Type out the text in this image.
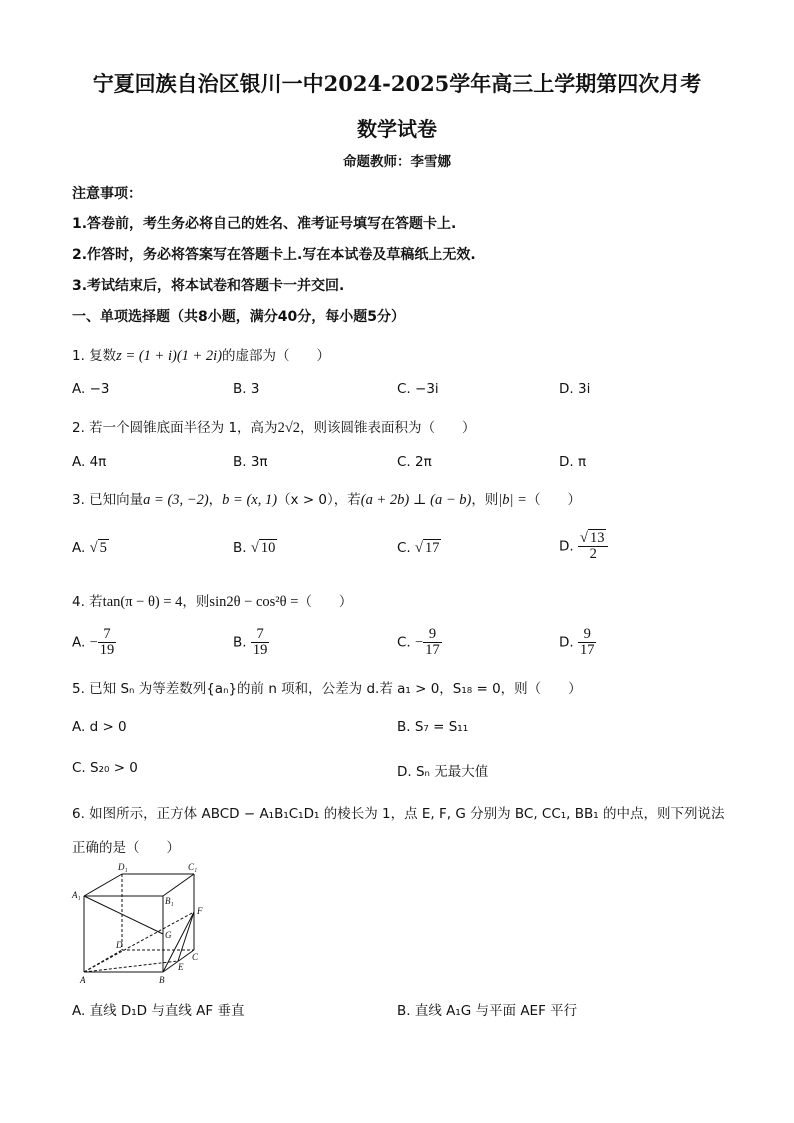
宁夏回族自治区银川一中2024-2025学年高三上学期第四次月考
数学试卷
命题教师：李雪娜
注意事项：
1.答卷前，考生务必将自己的姓名、准考证号填写在答题卡上.
2.作答时，务必将答案写在答题卡上.写在本试卷及草稿纸上无效.
3.考试结束后，将本试卷和答题卡一并交回.
一、单项选择题（共8小题，满分40分，每小题5分）
1. 复数z = (1 + i)(1 + 2i)的虚部为（　　）
A. −3	B. 3	C. −3i	D. 3i
2. 若一个圆锥底面半径为 1，高为2√2，则该圆锥表面积为（　　）
A. 4π	B. 3π	C. 2π	D. π
3. 已知向量a = (3, −2)，b = (x, 1)（x > 0），若(a + 2b) ⊥ (a − b)，则|b| =（　　）
A. √ 5	B. √ 10	C. √ 17	D. $\frac{√ 13}{2}$
4. 若tan(π − θ) = 4，则sin2θ − cos²θ =（　　）
A. − $\frac{7}{19}$	B. $\frac{7}{19}$	C. − $\frac{9}{17}$	D. $\frac{9}{17}$
5. 已知 Sₙ 为等差数列{aₙ}的前 n 项和，公差为 d.若 a₁ > 0，S₁₈ = 0，则（　　）
A. d > 0	B. S₇ = S₁₁
C. S₂₀ > 0	D. Sₙ 无最大值
6. 如图所示，正方体 ABCD − A₁B₁C₁D₁ 的棱长为 1，点 E, F, G 分别为 BC, CC₁, BB₁ 的中点，则下列说法
正确的是（　　）
D₁	C₁
A₁
B₁
F
G
D
C
E
A	B
A. 直线 D₁D 与直线 AF 垂直	B. 直线 A₁G 与平面 AEF 平行
